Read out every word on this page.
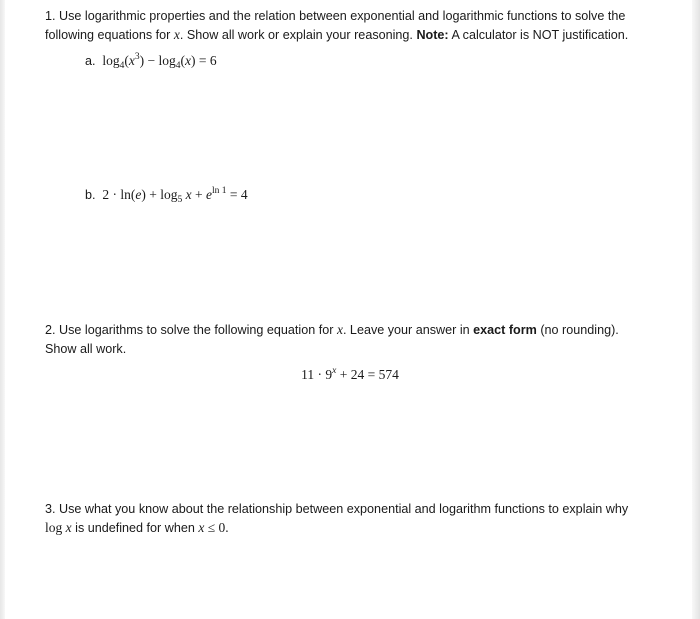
1. Use logarithmic properties and the relation between exponential and logarithmic functions to solve the
following equations for x. Show all work or explain your reasoning. Note: A calculator is NOT justification.
a.  $\log_4(x^3) - \log_4(x) = 6$
b.  $2 \cdot \ln(e) + \log_5 x + e^{ln 1} = 4$
2. Use logarithms to solve the following equation for x. Leave your answer in exact form (no rounding).
Show all work.
$11 \cdot 9^x + 24 = 574$
3. Use what you know about the relationship between exponential and logarithm functions to explain why
log x is undefined for when x ≤ 0.
